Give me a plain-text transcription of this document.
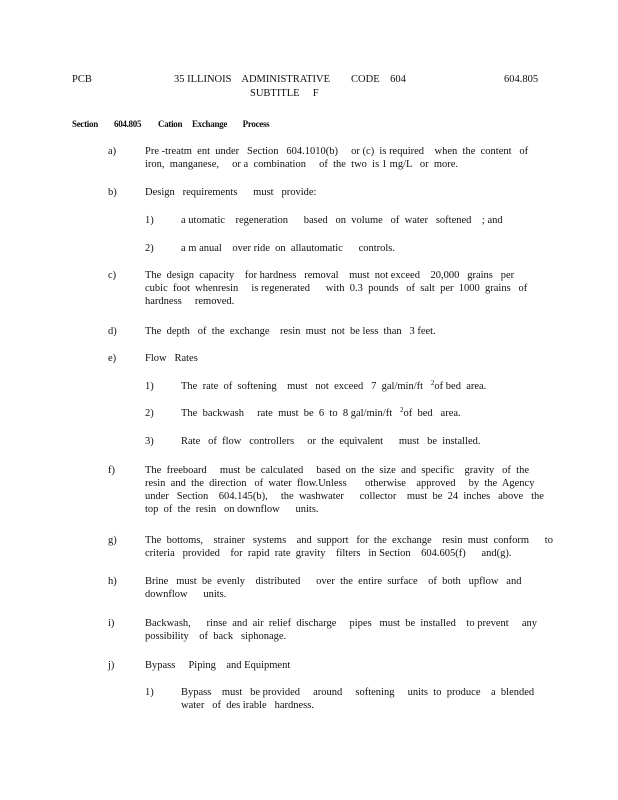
PCB	35 ILLINOIS    ADMINISTRATIVE        CODE    604
SUBTITLE     F
604.805
Section 604.805 Cation     Exchange        Process
a)	Pre -treatm  ent  under   Section   604.1010(b)     or (c)  is required    when  the  content   of
iron,  manganese,     or a  combination     of  the  two  is 1 mg/L   or  more.
b)	Design   requirements      must   provide:
1)	a utomatic    regeneration      based   on  volume   of  water   softened    ; and
2)	a m anual    over ride  on  allautomatic      controls.
c)	The  design  capacity    for hardness   removal    must  not exceed    20,000   grains   per
cubic  foot  whenresin     is regenerated      with  0.3  pounds   of  salt  per  1000  grains   of
hardness     removed.
d)	The  depth   of  the  exchange    resin  must  not  be less  than   3 feet.
e)	Flow   Rates
1)	The  rate  of  softening    must   not  exceed   7  gal/min/ft $^2$of bed  area.
2)	The  backwash     rate  must  be  6  to  8 gal/min/ft $^2$of  bed   area.
3)	Rate   of  flow   controllers     or  the  equivalent      must   be  installed.
f)	The  freeboard     must  be  calculated     based  on  the  size  and  specific    gravity   of  the
resin  and  the  direction   of  water  flow.Unless       otherwise    approved     by  the  Agency
under   Section    604.145(b),     the  washwater      collector    must  be  24  inches   above   the
top  of  the  resin   on downflow      units.
g)	The  bottoms,    strainer   systems    and  support   for  the  exchange    resin  must  conform      to
criteria   provided    for  rapid  rate  gravity    filters   in Section    604.605(f)      and(g).
h)	Brine   must  be  evenly    distributed      over  the  entire  surface    of  both   upflow   and
downflow      units.
i)	Backwash,      rinse  and  air  relief  discharge     pipes   must  be  installed    to prevent     any
possibility    of  back   siphonage.
j)	Bypass     Piping    and Equipment
1)	Bypass    must   be provided     around     softening     units  to  produce    a  blended
water   of  des irable   hardness.
